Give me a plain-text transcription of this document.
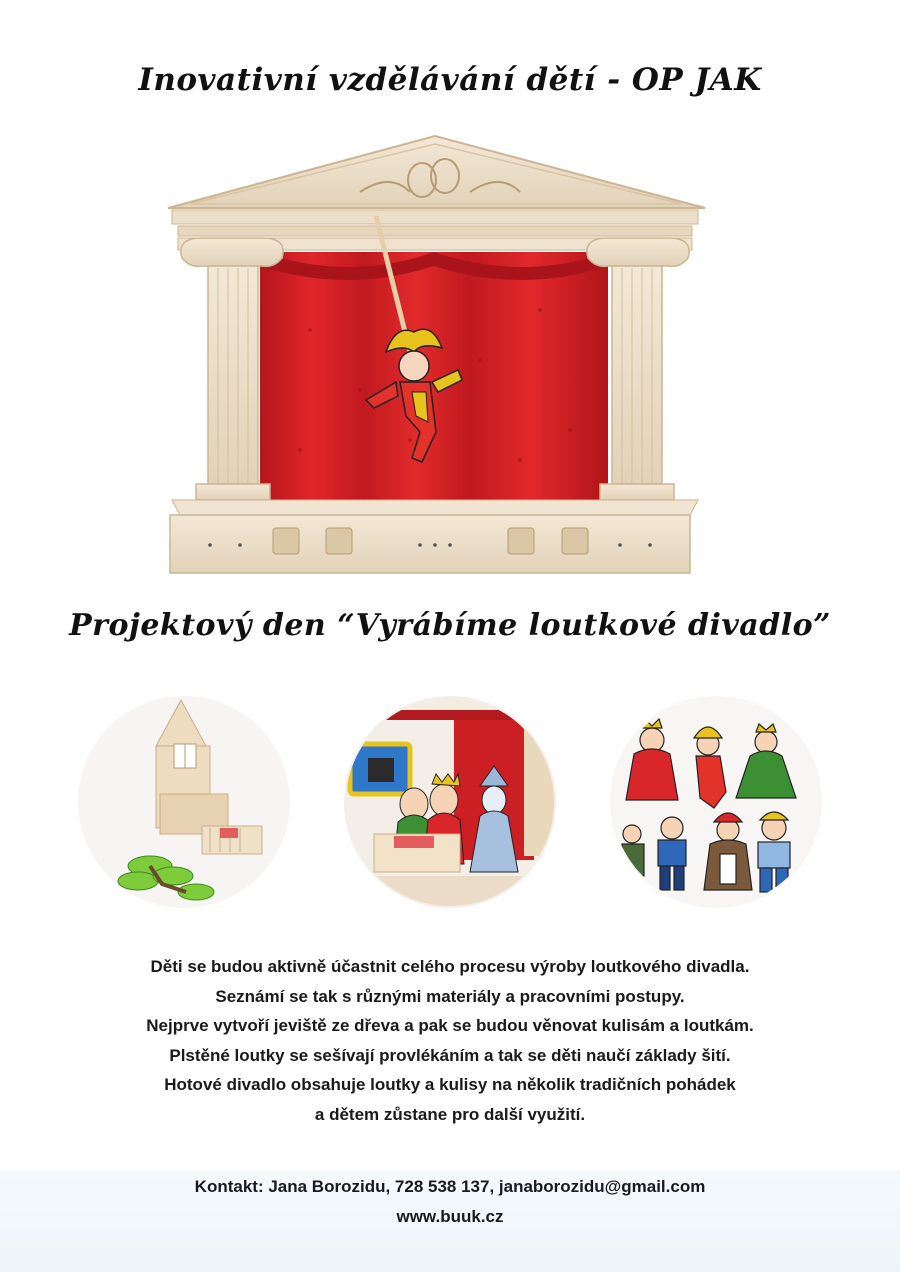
Inovativní vzdělávání dětí - OP JAK
Projektový den “Vyrábíme loutkové divadlo”
Děti se budou aktivně účastnit celého procesu výroby loutkového divadla.
Seznámí se tak s různými materiály a pracovními postupy.
Nejprve vytvoří jeviště ze dřeva a pak se budou věnovat kulisám a loutkám.
Plstěné loutky se sešívají provlékáním a tak se děti naučí základy šití.
Hotové divadlo obsahuje loutky a kulisy na několik tradičních pohádek
a dětem zůstane pro další využití.
Kontakt: Jana Borozidu, 728 538 137, janaborozidu@gmail.com
www.buuk.cz
